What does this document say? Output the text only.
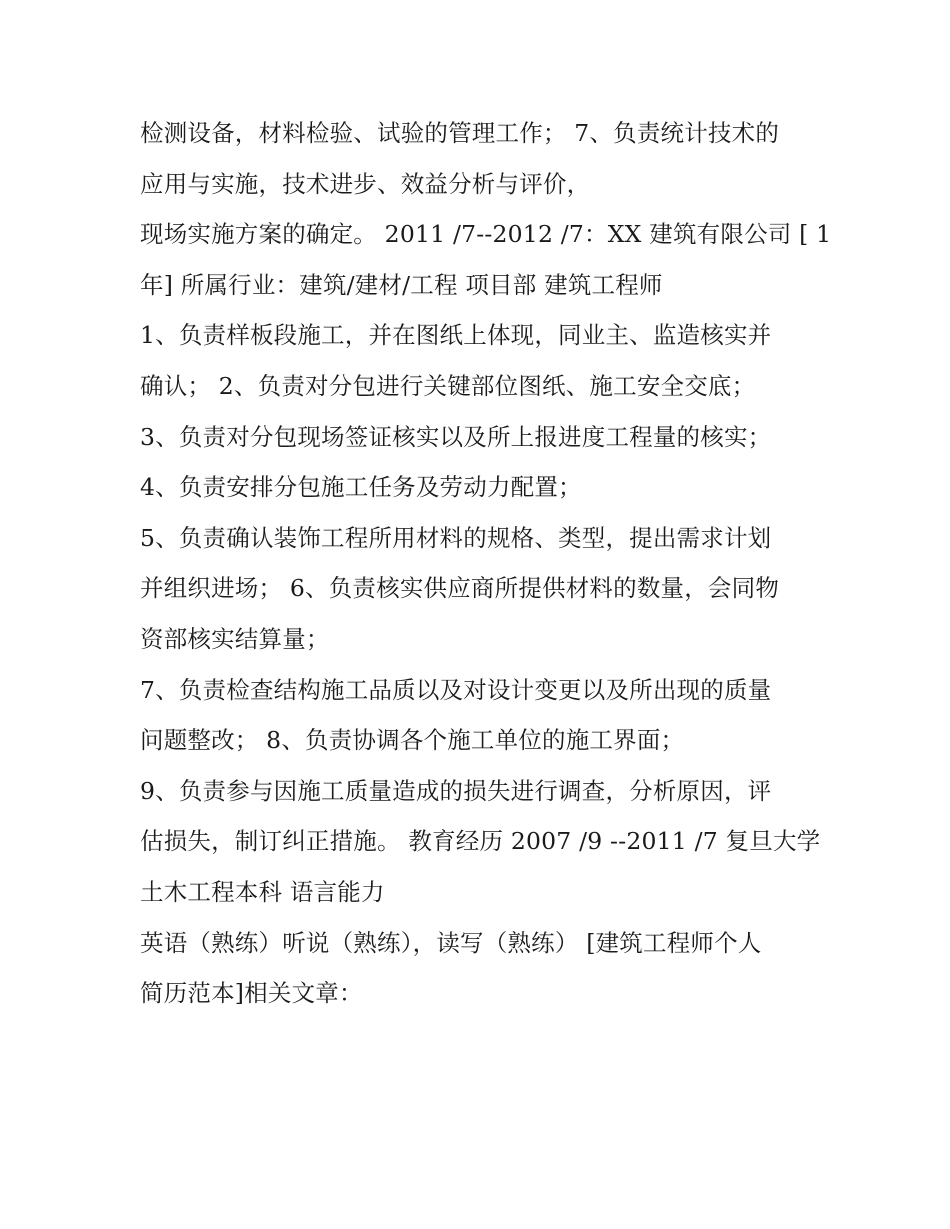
检测设备，材料检验、试验的管理工作； 7、负责统计技术的
应用与实施，技术进步、效益分析与评价，
现场实施方案的确定。 2011 /7--2012 /7：XX 建筑有限公司 [ 1
年] 所属行业：建筑/建材/工程 项目部 建筑工程师
1、负责样板段施工，并在图纸上体现，同业主、监造核实并
确认； 2、负责对分包进行关键部位图纸、施工安全交底；
3、负责对分包现场签证核实以及所上报进度工程量的核实；
4、负责安排分包施工任务及劳动力配置；
5、负责确认装饰工程所用材料的规格、类型，提出需求计划
并组织进场； 6、负责核实供应商所提供材料的数量，会同物
资部核实结算量；
7、负责检查结构施工品质以及对设计变更以及所出现的质量
问题整改； 8、负责协调各个施工单位的施工界面；
9、负责参与因施工质量造成的损失进行调查，分析原因，评
估损失，制订纠正措施。 教育经历 2007 /9 --2011 /7 复旦大学
土木工程本科 语言能力
英语（熟练）听说（熟练），读写（熟练） [建筑工程师个人
简历范本]相关文章：
